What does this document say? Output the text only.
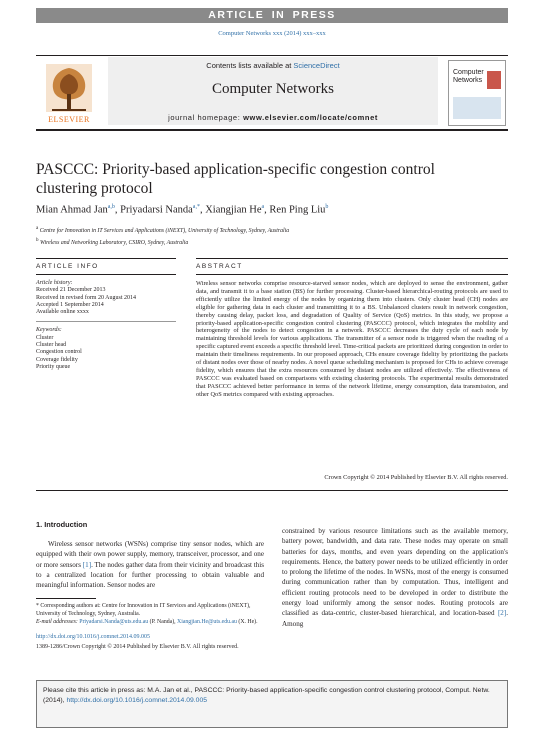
ARTICLE IN PRESS
Computer Networks xxx (2014) xxx–xxx
ELSEVIER
Contents lists available at ScienceDirect
Computer Networks
journal homepage: www.elsevier.com/locate/comnet
Computer Networks
PASCCC: Priority-based application-specific congestion control clustering protocol
Mian Ahmad Jan$^{a,b}$, Priyadarsi Nanda$^{a,*}$, Xiangjian He$^a$, Ren Ping Liu$^b$
$^a$ Centre for Innovation in IT Services and Applications (iNEXT), University of Technology, Sydney, Australia
$^b$ Wireless and Networking Laboratory, CSIRO, Sydney, Australia
ARTICLE INFO	ABSTRACT
Article history:
Received 21 December 2013
Received in revised form 20 August 2014
Accepted 1 September 2014
Available online xxxx
Keywords:
Cluster
Cluster head
Congestion control
Coverage fidelity
Priority queue
Wireless sensor networks comprise resource-starved sensor nodes, which are deployed to sense the environment, gather data, and transmit it to a base station (BS) for further processing. Cluster-based hierarchical-routing protocols are used to efficiently utilize the limited energy of the nodes by organizing them into clusters. Only cluster head (CH) nodes are eligible for gathering data in each cluster and transmitting it to a BS. Unbalanced clusters result in network congestion, thereby causing delay, packet loss, and degradation of Quality of Service (QoS) metrics. In this study, we propose a priority-based application-specific congestion control clustering (PASCCC) protocol, which integrates the mobility and heterogeneity of the nodes to detect congestion in a network. PASCCC decreases the duty cycle of each node by maintaining threshold levels for various applications. The transmitter of a sensor node is triggered when the reading of a specific captured event exceeds a specific threshold level. Time-critical packets are prioritized during congestion in order to maintain their timeliness requirements. In our proposed approach, CHs ensure coverage fidelity by prioritizing the packets of distant nodes over those of nearby nodes. A novel queue scheduling mechanism is proposed for CHs to achieve coverage fidelity, which ensures that the extra resources consumed by distant nodes are utilized effectively. The effectiveness of PASCCC was evaluated based on comparisons with existing clustering protocols. The experimental results demonstrated that PASCCC achieved better performance in terms of the network lifetime, energy consumption, data transmission, and other QoS metrics compared with existing approaches.
Crown Copyright © 2014 Published by Elsevier B.V. All rights reserved.
1. Introduction

Wireless sensor networks (WSNs) comprise tiny sensor nodes, which are equipped with their own power supply, memory, transceiver, processor, and one or more sensors [1]. The nodes gather data from their vicinity and broadcast this to a centralized location for further processing to obtain valuable and meaningful information. Sensor nodes are

* Corresponding authors at: Centre for Innovation in IT Services and Applications (iNEXT), University of Technology, Sydney, Australia.
E-mail addresses: Priyadarsi.Nanda@uts.edu.au (P. Nanda), Xiangjian.He@uts.edu.au (X. He).
constrained by various resource limitations such as the available memory, battery power, bandwidth, and data rate. These nodes may operate on small batteries for days, months, and even years depending on the application's requirements. Hence, the battery power needs to be utilized efficiently in order to prolong the lifetime of the nodes. In WSNs, most of the energy is consumed during communication rather than by computation. Thus, intelligent and efficient routing protocols need to be developed in order to distribute the energy load uniformly among the sensor nodes. Routing protocols are classified as data-centric, cluster-based hierarchical, and location-based [2]. Among
http://dx.doi.org/10.1016/j.comnet.2014.09.005
1389-1286/Crown Copyright © 2014 Published by Elsevier B.V. All rights reserved.
Please cite this article in press as: M.A. Jan et al., PASCCC: Priority-based application-specific congestion control clustering protocol, Comput. Netw. (2014), http://dx.doi.org/10.1016/j.comnet.2014.09.005
